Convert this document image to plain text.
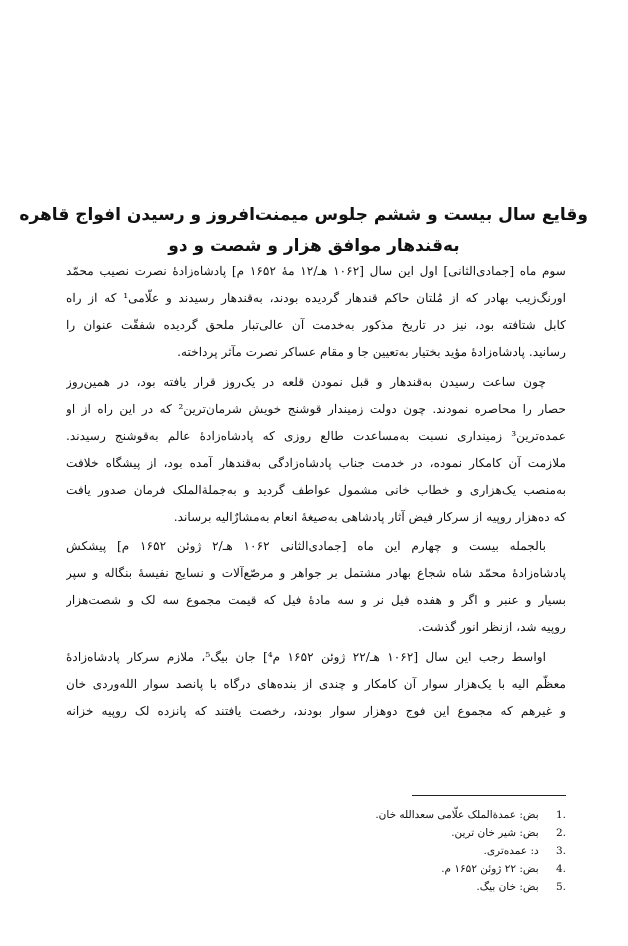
وقایع سال بیست و ششم جلوس میمنت‌افروز و رسیدن افواج قاهره
به‌قندهار موافق هزار و شصت و دو
سوم ماه [جمادی‌الثانی] اول این سال [۱۰۶۲ هـ/۱۲ مهٔ ۱۶۵۲ م] پادشاه‌زادهٔ نصرت نصیب محمّد
اورنگ‌زیب بهادر که از مُلتان حاکم قندهار گردیده بودند، به‌قندهار رسیدند و علّامی¹ که از راه
کابل شتافته بود، نیز در تاریخ مذکور به‌خدمت آن عالی‌تبار ملحق گردیده شفقّت عنوان را
رسانید. پادشاه‌زادهٔ مؤید بختیار به‌تعیین جا و مقام عساکر نصرت مآثر پرداخته.
چون ساعت رسیدن به‌قندهار و قبل نمودن قلعه در یک‌روز قرار یافته بود، در همین‌روز
حصار را محاصره نمودند. چون دولت زمیندار قوشنج خویش شرمان‌ترین² که در این راه از او
عمده‌ترین³ زمینداری نسبت به‌مساعدت طالع روزی که پادشاه‌زادهٔ عالم به‌قوشنج رسیدند.
ملازمت آن کامکار نموده، در خدمت جناب پادشاه‌زادگی به‌قندهار آمده بود، از پیشگاه خلافت
به‌منصب یک‌هزاری و خطاب خانی مشمول عواطف گردید و به‌جملةالملک فرمان صدور یافت
که ده‌هزار روپیه از سرکار فیض آثار پادشاهی به‌صیغهٔ انعام به‌مشارٌالیه برساند.
بالجمله بیست و چهارم این ماه [جمادی‌الثانی ۱۰۶۲ هـ/۲ ژوئن ۱۶۵۲ م] پیشکش
پادشاه‌زادهٔ محمّد شاه شجاع بهادر مشتمل بر جواهر و مرصّع‌آلات و نسایج نفیسهٔ بنگاله و سپر
بسیار و عنبر و اگر و هفده فیل نر و سه مادهٔ فیل که قیمت مجموع سه لک و شصت‌هزار
روپیه شد، ازنظر انور گذشت.
اواسط رجب این سال [۱۰۶۲ هـ/۲۲ ژوئن ۱۶۵۲ م⁴] جان بیگ⁵، ملازم سرکار پادشاه‌زادهٔ
معظّم الیه با یک‌هزار سوار آن کامکار و چندی از بنده‌های درگاه با پانصد سوار الله‌وردی خان
و غیرهم که مجموع این فوج دوهزار سوار بودند، رخصت یافتند که پانزده لک روپیه خزانه
.1 بض: عمدةالملک علّامی سعدالله خان.
.2 بض: شیر خان ترین.
.3 د: عمده‌تری.
.4 بض: ۲۲ ژوئن ۱۶۵۲ م.
.5 بض: خان بیگ.
